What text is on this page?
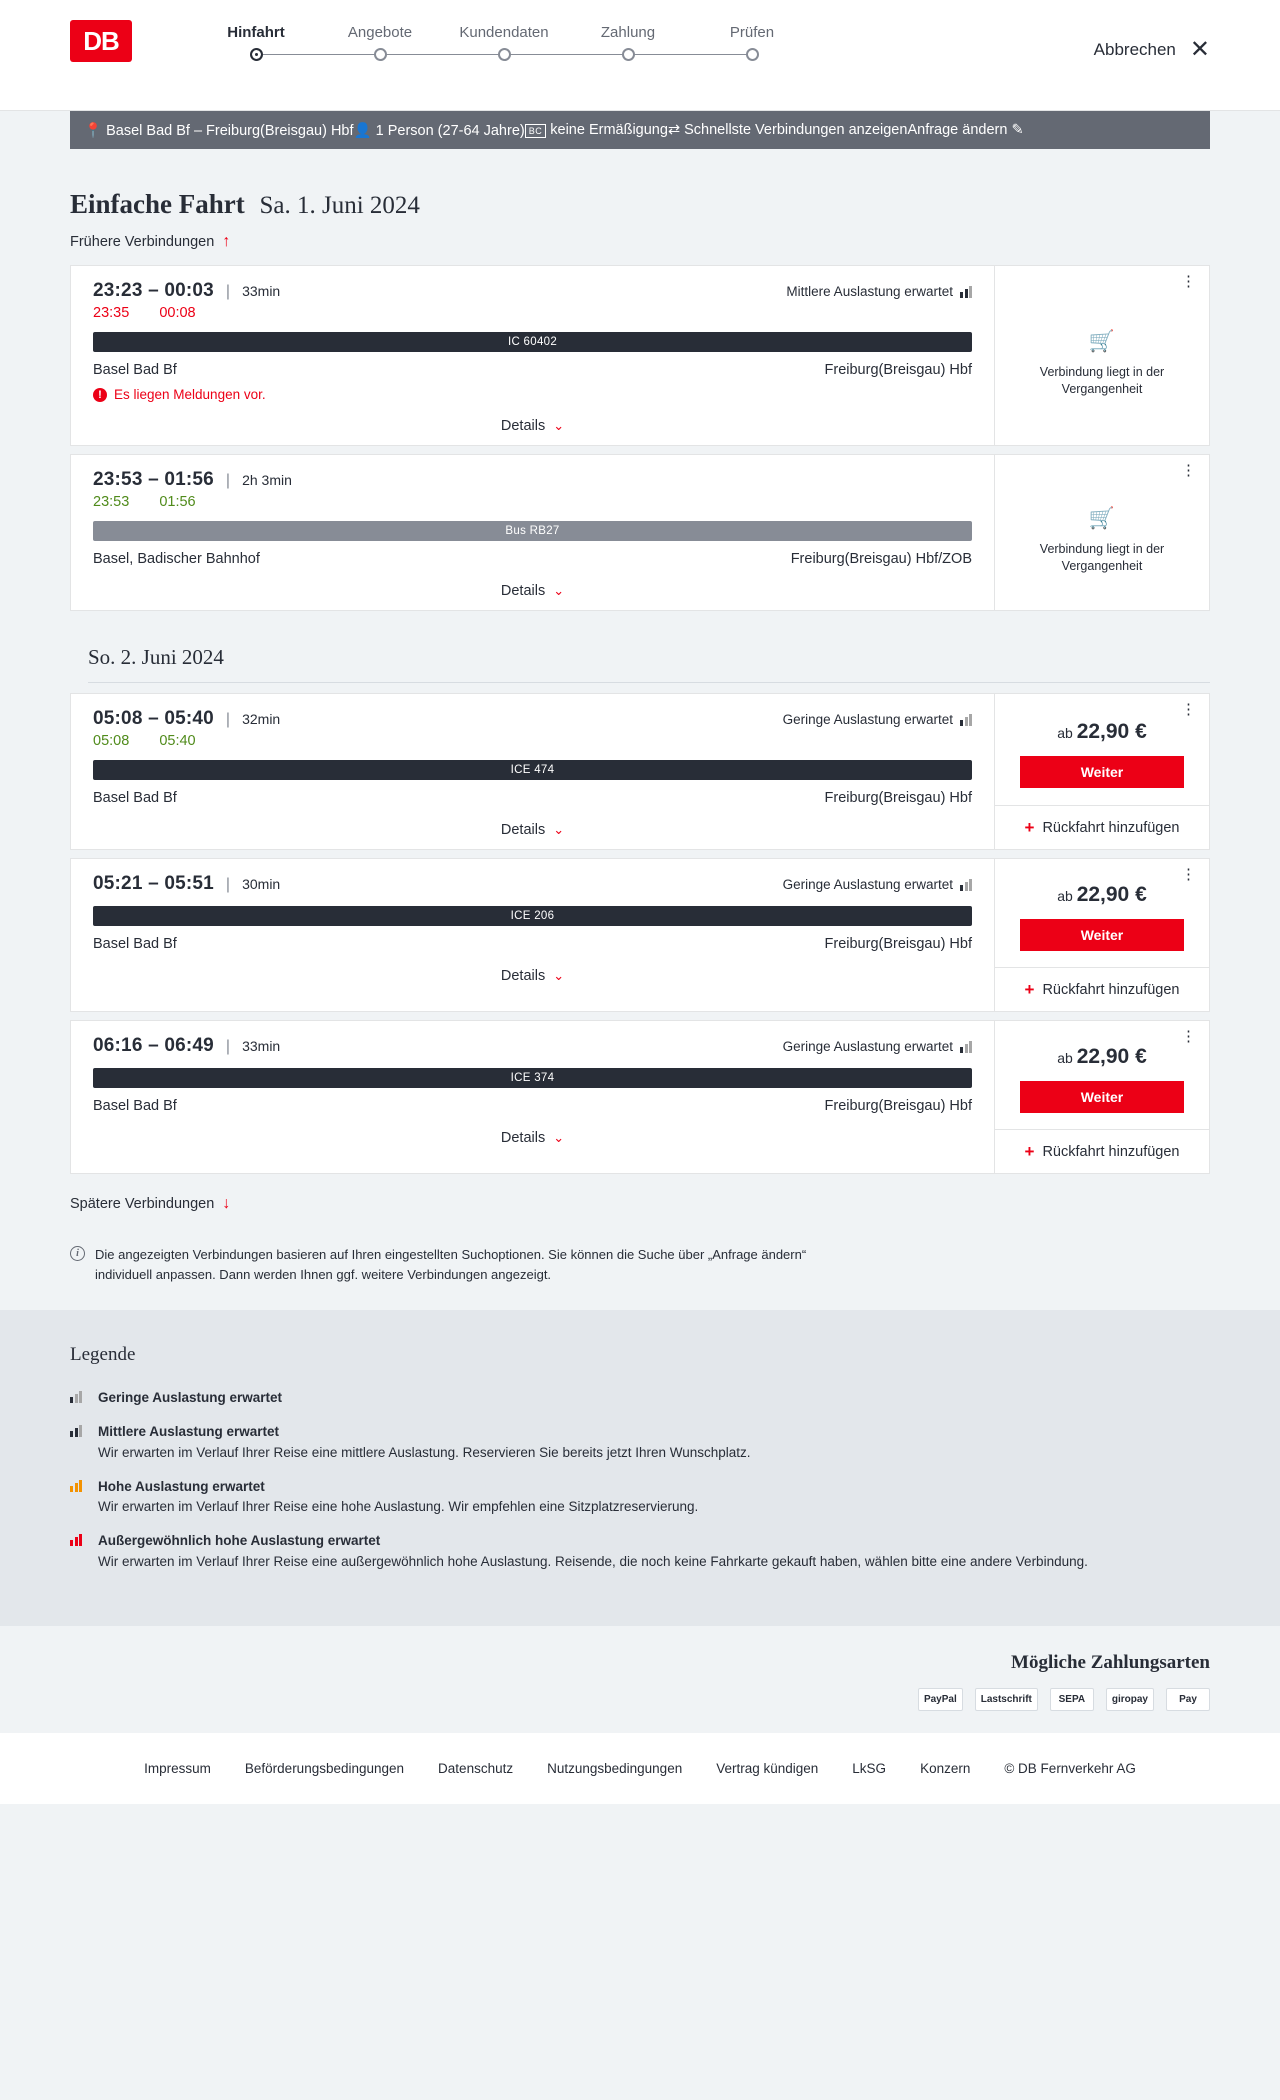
DB	Hinfahrt	Angebote	Kundendaten	Zahlung	Prüfen
Abbrechen ✕
📍 Basel Bad Bf – Freiburg(Breisgau) Hbf 👤 1 Person (27-64 Jahre) BC keine Ermäßigung ⇄ Schnellste Verbindungen anzeigen Anfrage ändern ✎
Einfache Fahrt Sa. 1. Juni 2024
Frühere Verbindungen ↑
23:23 – 00:03 | 33min	Mittlere Auslastung erwartet
23:35 00:08
IC 60402
Basel Bad Bf	Freiburg(Breisgau) Hbf
! Es liegen Meldungen vor.
Details ⌄
⋮
🛒
Verbindung liegt in der Vergangenheit
23:53 – 01:56 | 2h 3min
23:53 01:56
Bus RB27
Basel, Badischer Bahnhof	Freiburg(Breisgau) Hbf/ZOB
Details ⌄
⋮
🛒
Verbindung liegt in der Vergangenheit
So. 2. Juni 2024
05:08 – 05:40 | 32min	Geringe Auslastung erwartet
05:08 05:40
ICE 474
Basel Bad Bf	Freiburg(Breisgau) Hbf
Details ⌄
⋮
ab 22,90 €
Weiter
+ Rückfahrt hinzufügen
05:21 – 05:51 | 30min	Geringe Auslastung erwartet
ICE 206
Basel Bad Bf	Freiburg(Breisgau) Hbf
Details ⌄
⋮
ab 22,90 €
Weiter
+ Rückfahrt hinzufügen
06:16 – 06:49 | 33min	Geringe Auslastung erwartet
ICE 374
Basel Bad Bf	Freiburg(Breisgau) Hbf
Details ⌄
⋮
ab 22,90 €
Weiter
+ Rückfahrt hinzufügen
Spätere Verbindungen ↓
i	Die angezeigten Verbindungen basieren auf Ihren eingestellten Suchoptionen. Sie können die Suche über „Anfrage ändern“ individuell anpassen. Dann werden Ihnen ggf. weitere Verbindungen angezeigt.
Legende
Geringe Auslastung erwartet
Mittlere Auslastung erwartet
Wir erwarten im Verlauf Ihrer Reise eine mittlere Auslastung. Reservieren Sie bereits jetzt Ihren Wunschplatz.
Hohe Auslastung erwartet
Wir erwarten im Verlauf Ihrer Reise eine hohe Auslastung. Wir empfehlen eine Sitzplatzreservierung.
Außergewöhnlich hohe Auslastung erwartet
Wir erwarten im Verlauf Ihrer Reise eine außergewöhnlich hohe Auslastung. Reisende, die noch keine Fahrkarte gekauft haben, wählen bitte eine andere Verbindung.
Mögliche Zahlungsarten
PayPal	Lastschrift	SEPA	giropay	Pay
Impressum	Beförderungsbedingungen	Datenschutz	Nutzungsbedingungen	Vertrag kündigen	LkSG	Konzern	© DB Fernverkehr AG
